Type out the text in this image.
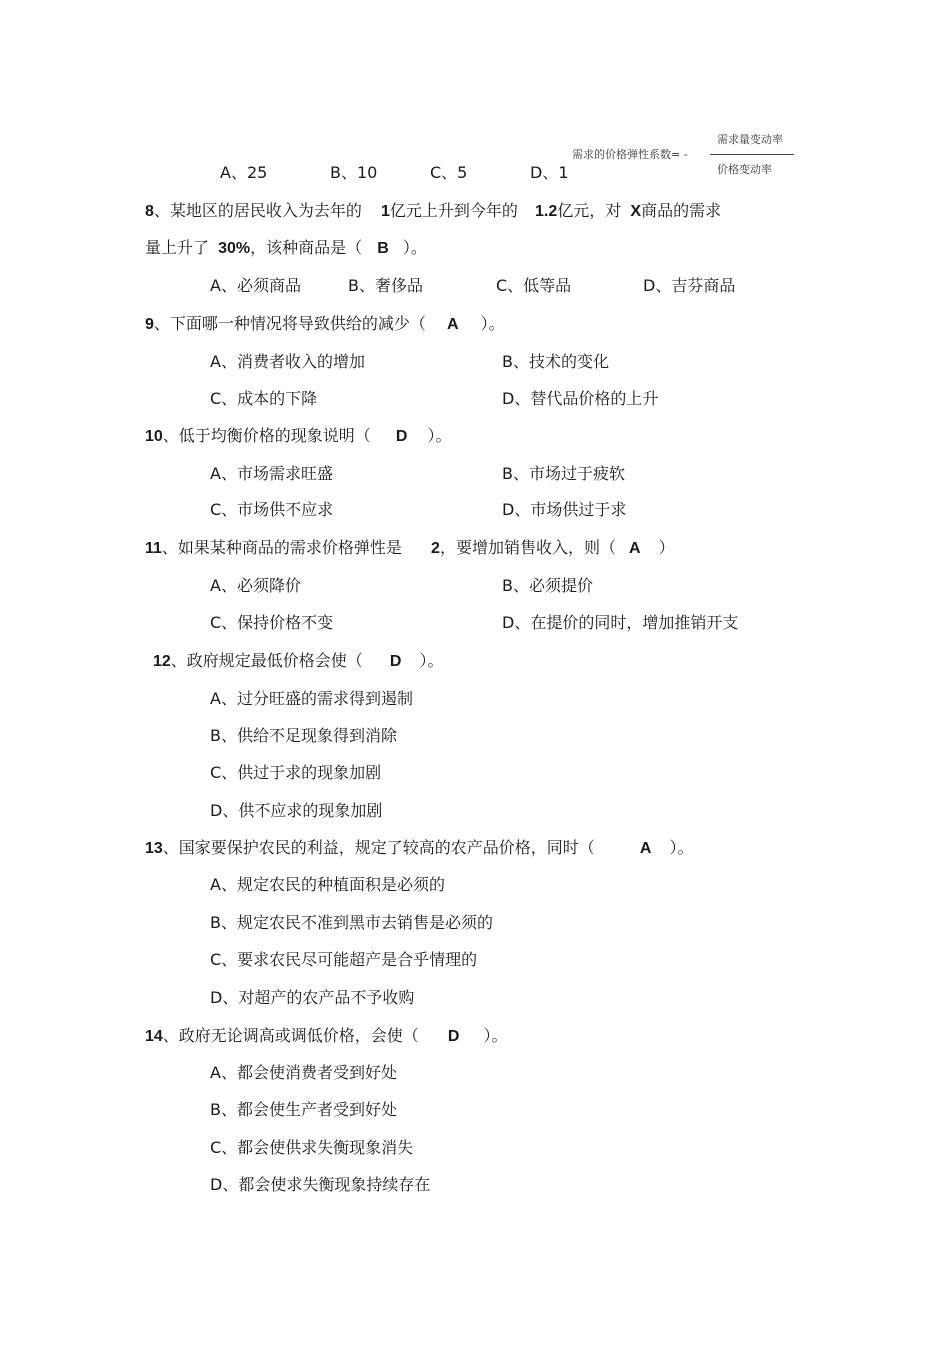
需求的价格弹性系数= -
需求量变动率
价格变动率
A、25	B、10	C、5	D、1
8、某地区的居民收入为去年的 1亿元上升到今年的 1.2亿元，对 X商品的需求
量上升了 30%，该种商品是（ B ）。
A、必须商品	B、奢侈品	C、低等品	D、吉芬商品
9、下面哪一种情况将导致供给的减少（ A ）。
A、消费者收入的增加	B、技术的变化
C、成本的下降	D、替代品价格的上升
10、低于均衡价格的现象说明（ D ）。
A、市场需求旺盛	B、市场过于疲软
C、市场供不应求	D、市场供过于求
11、如果某种商品的需求价格弹性是 2，要增加销售收入，则（ A ）
A、必须降价	B、必须提价
C、保持价格不变	D、在提价的同时，增加推销开支
12、政府规定最低价格会使（ D ）。
A、过分旺盛的需求得到遏制
B、供给不足现象得到消除
C、供过于求的现象加剧
D、供不应求的现象加剧
13、国家要保护农民的利益，规定了较高的农产品价格，同时（	A ）。
A、规定农民的种植面积是必须的
B、规定农民不准到黑市去销售是必须的
C、要求农民尽可能超产是合乎情理的
D、对超产的农产品不予收购
14、政府无论调高或调低价格，会使（ D ）。
A、都会使消费者受到好处
B、都会使生产者受到好处
C、都会使供求失衡现象消失
D、都会使求失衡现象持续存在
